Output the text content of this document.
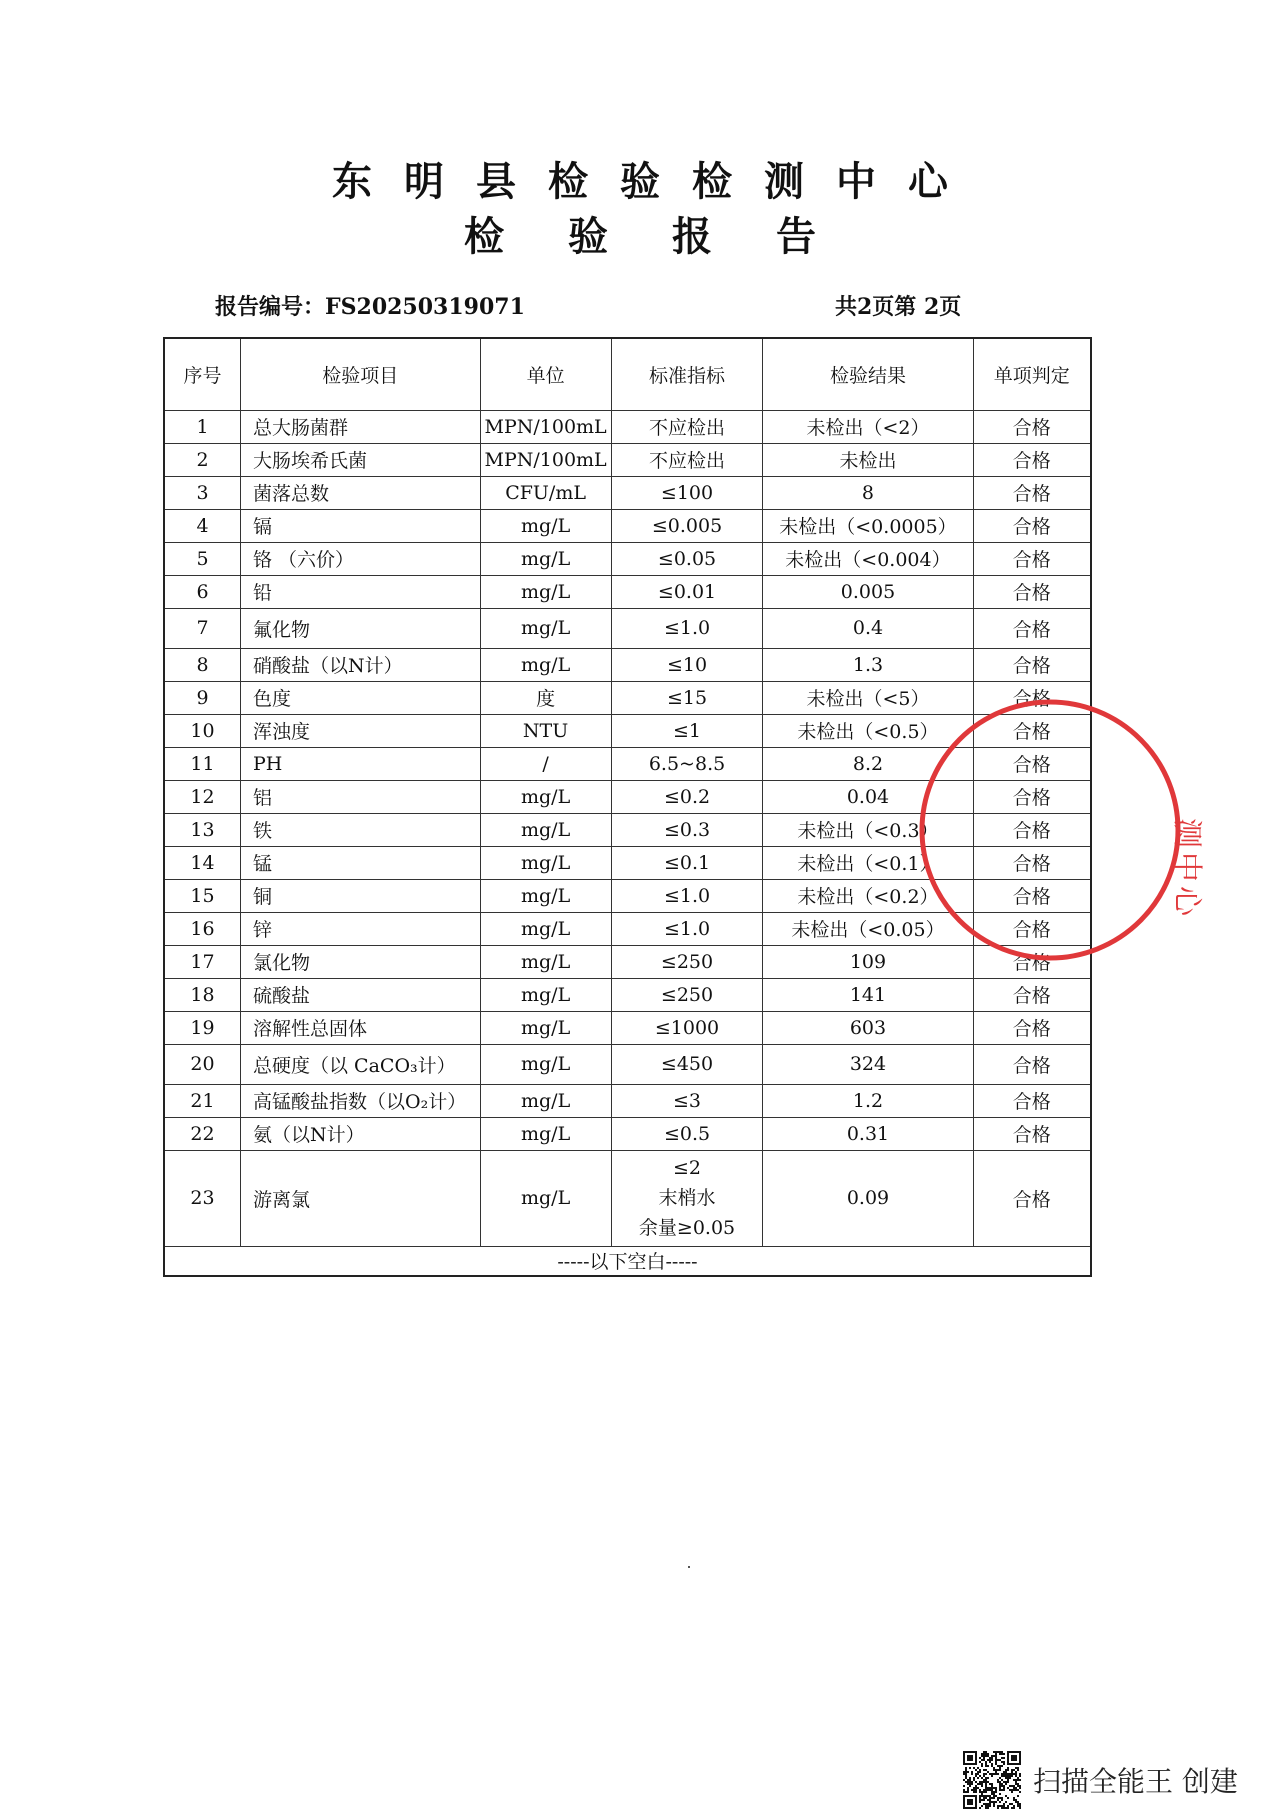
东明县检验检测中心
检验报告
报告编号：FS20250319071	共2页第 2页
序号	检验项目	单位	标准指标	检验结果	单项判定
1	总大肠菌群	MPN/100mL	不应检出	未检出（<2）	合格
2	大肠埃希氏菌	MPN/100mL	不应检出	未检出	合格
3	菌落总数	CFU/mL	≤100	8	合格
4	镉	mg/L	≤0.005	未检出（<0.0005）	合格
5	铬 （六价）	mg/L	≤0.05	未检出（<0.004）	合格
6	铅	mg/L	≤0.01	0.005	合格
7	氟化物	mg/L	≤1.0	0.4	合格
8	硝酸盐（以N计）	mg/L	≤10	1.3	合格
9	色度	度	≤15	未检出（<5）	合格
10	浑浊度	NTU	≤1	未检出（<0.5）	合格
11	PH	/	6.5~8.5	8.2	合格
12	铝	mg/L	≤0.2	0.04	合格
13	铁	mg/L	≤0.3	未检出（<0.3）	合格
14	锰	mg/L	≤0.1	未检出（<0.1）	合格
15	铜	mg/L	≤1.0	未检出（<0.2）	合格
16	锌	mg/L	≤1.0	未检出（<0.05）	合格
17	氯化物	mg/L	≤250	109	合格
18	硫酸盐	mg/L	≤250	141	合格
19	溶解性总固体	mg/L	≤1000	603	合格
20	总硬度（以 CaCO₃计）	mg/L	≤450	324	合格
21	高锰酸盐指数（以O₂计）	mg/L	≤3	1.2	合格
22	氨（以N计）	mg/L	≤0.5	0.31	合格
23	游离氯	mg/L	≤2
末梢水
余量≥0.05	0.09	合格
-----以下空白-----					
测中心
扫描全能王 创建
